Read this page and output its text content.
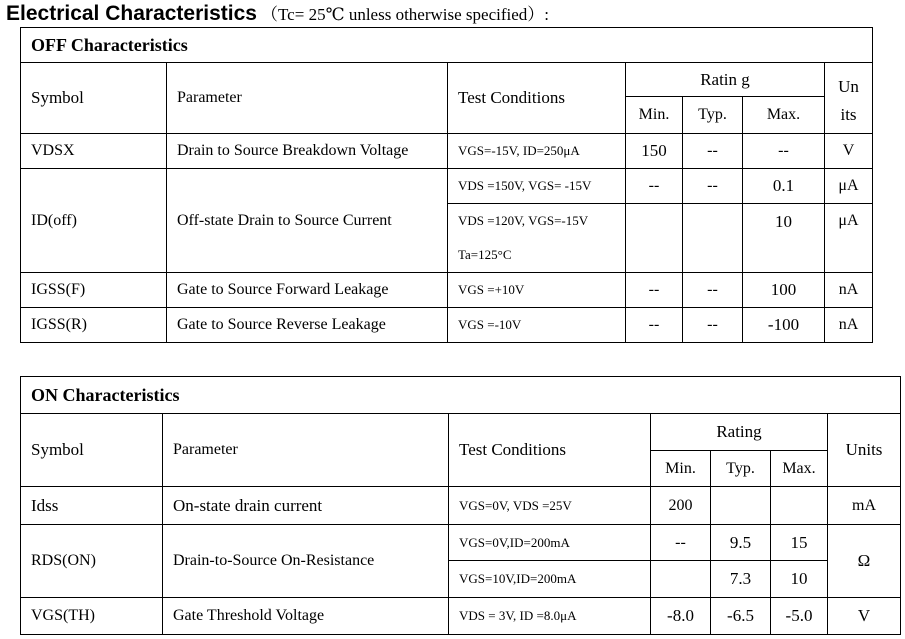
Electrical Characteristics （Tc= 25℃ unless otherwise specified）:
OFF Characteristics						
Symbol	Parameter	Test Conditions	Ratin g			Un
			Min.	Typ.	Max.	its
VDSX	Drain to Source Breakdown Voltage	VGS=-15V, ID=250μA	150	--	--	V
ID(off)	Off-state Drain to Source Current	VDS =150V, VGS= -15V	--	--	0.1	μA
		VDS =120V, VGS=-15V Ta=125°C			10	μA
IGSS(F)	Gate to Source Forward Leakage	VGS =+10V	--	--	100	nA
IGSS(R)	Gate to Source Reverse Leakage	VGS =-10V	--	--	-100	nA
ON Characteristics						
Symbol	Parameter	Test Conditions	Rating			Units
			Min.	Typ.	Max.	
Idss	On-state drain current	VGS=0V, VDS =25V	200			mA
RDS(ON)	Drain-to-Source On-Resistance	VGS=0V,ID=200mA	--	9.5	15	Ω
		VGS=10V,ID=200mA		7.3	10	
VGS(TH)	Gate Threshold Voltage	VDS = 3V, ID =8.0μA	-8.0	-6.5	-5.0	V
